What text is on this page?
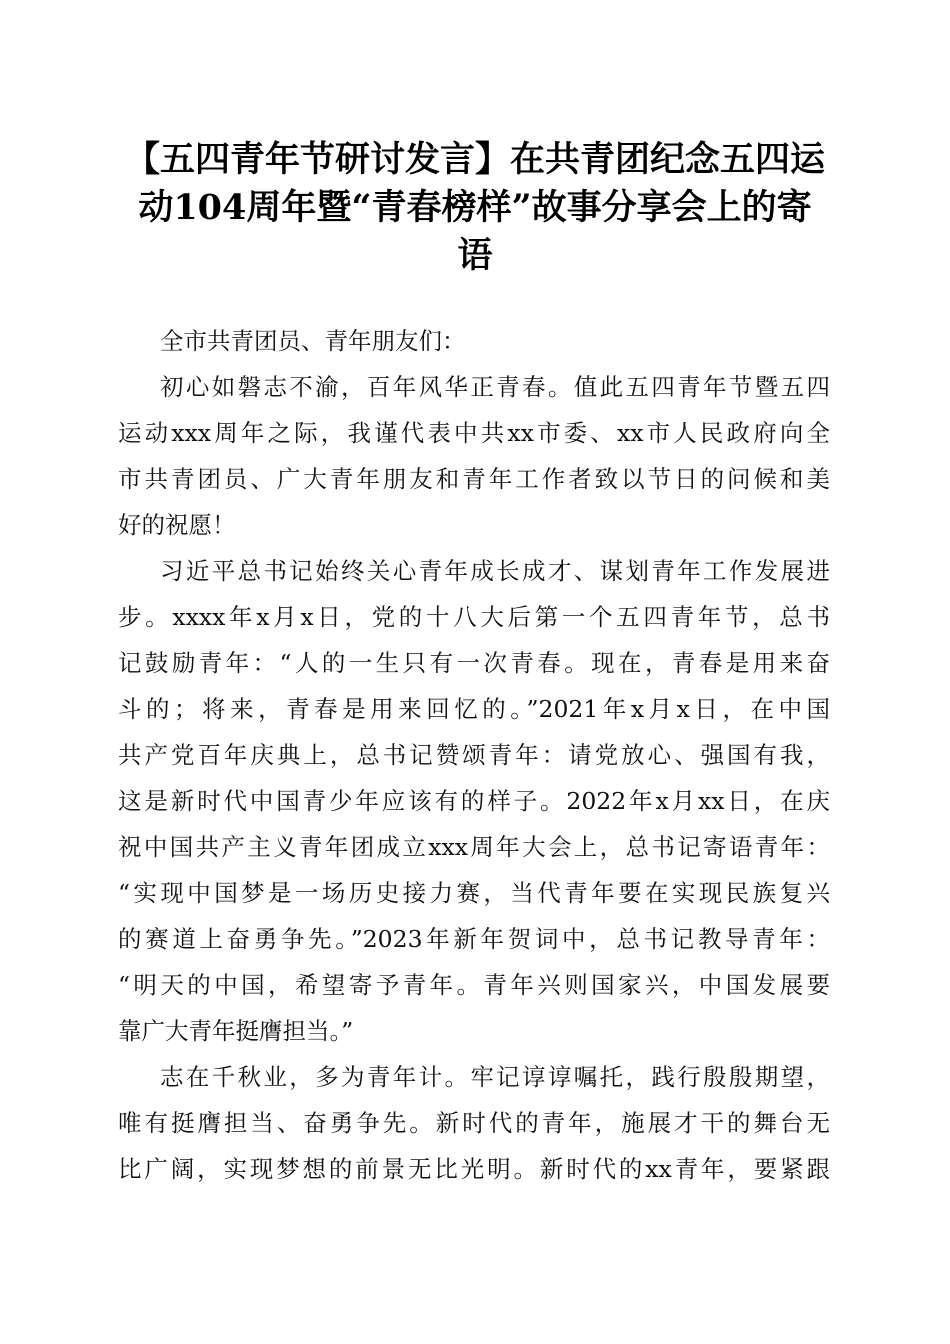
【五四青年节研讨发言】在共青团纪念五四运
动104周年暨“青春榜样”故事分享会上的寄
语
全市共青团员、青年朋友们：
初心如磐志不渝，百年风华正青春。值此五四青年节暨五四
运动xxx周年之际，我谨代表中共xx市委、xx市人民政府向全
市共青团员、广大青年朋友和青年工作者致以节日的问候和美
好的祝愿！
习近平总书记始终关心青年成长成才、谋划青年工作发展进
步。xxxx年x月x日，党的十八大后第一个五四青年节，总书
记鼓励青年：“人的一生只有一次青春。现在，青春是用来奋
斗的；将来，青春是用来回忆的。”2021年x月x日，在中国
共产党百年庆典上，总书记赞颂青年：请党放心、强国有我，
这是新时代中国青少年应该有的样子。2022年x月xx日，在庆
祝中国共产主义青年团成立xxx周年大会上，总书记寄语青年：
“实现中国梦是一场历史接力赛，当代青年要在实现民族复兴
的赛道上奋勇争先。”2023年新年贺词中，总书记教导青年：
“明天的中国，希望寄予青年。青年兴则国家兴，中国发展要
靠广大青年挺膺担当。”
志在千秋业，多为青年计。牢记谆谆嘱托，践行殷殷期望，
唯有挺膺担当、奋勇争先。新时代的青年，施展才干的舞台无
比广阔，实现梦想的前景无比光明。新时代的xx青年，要紧跟
